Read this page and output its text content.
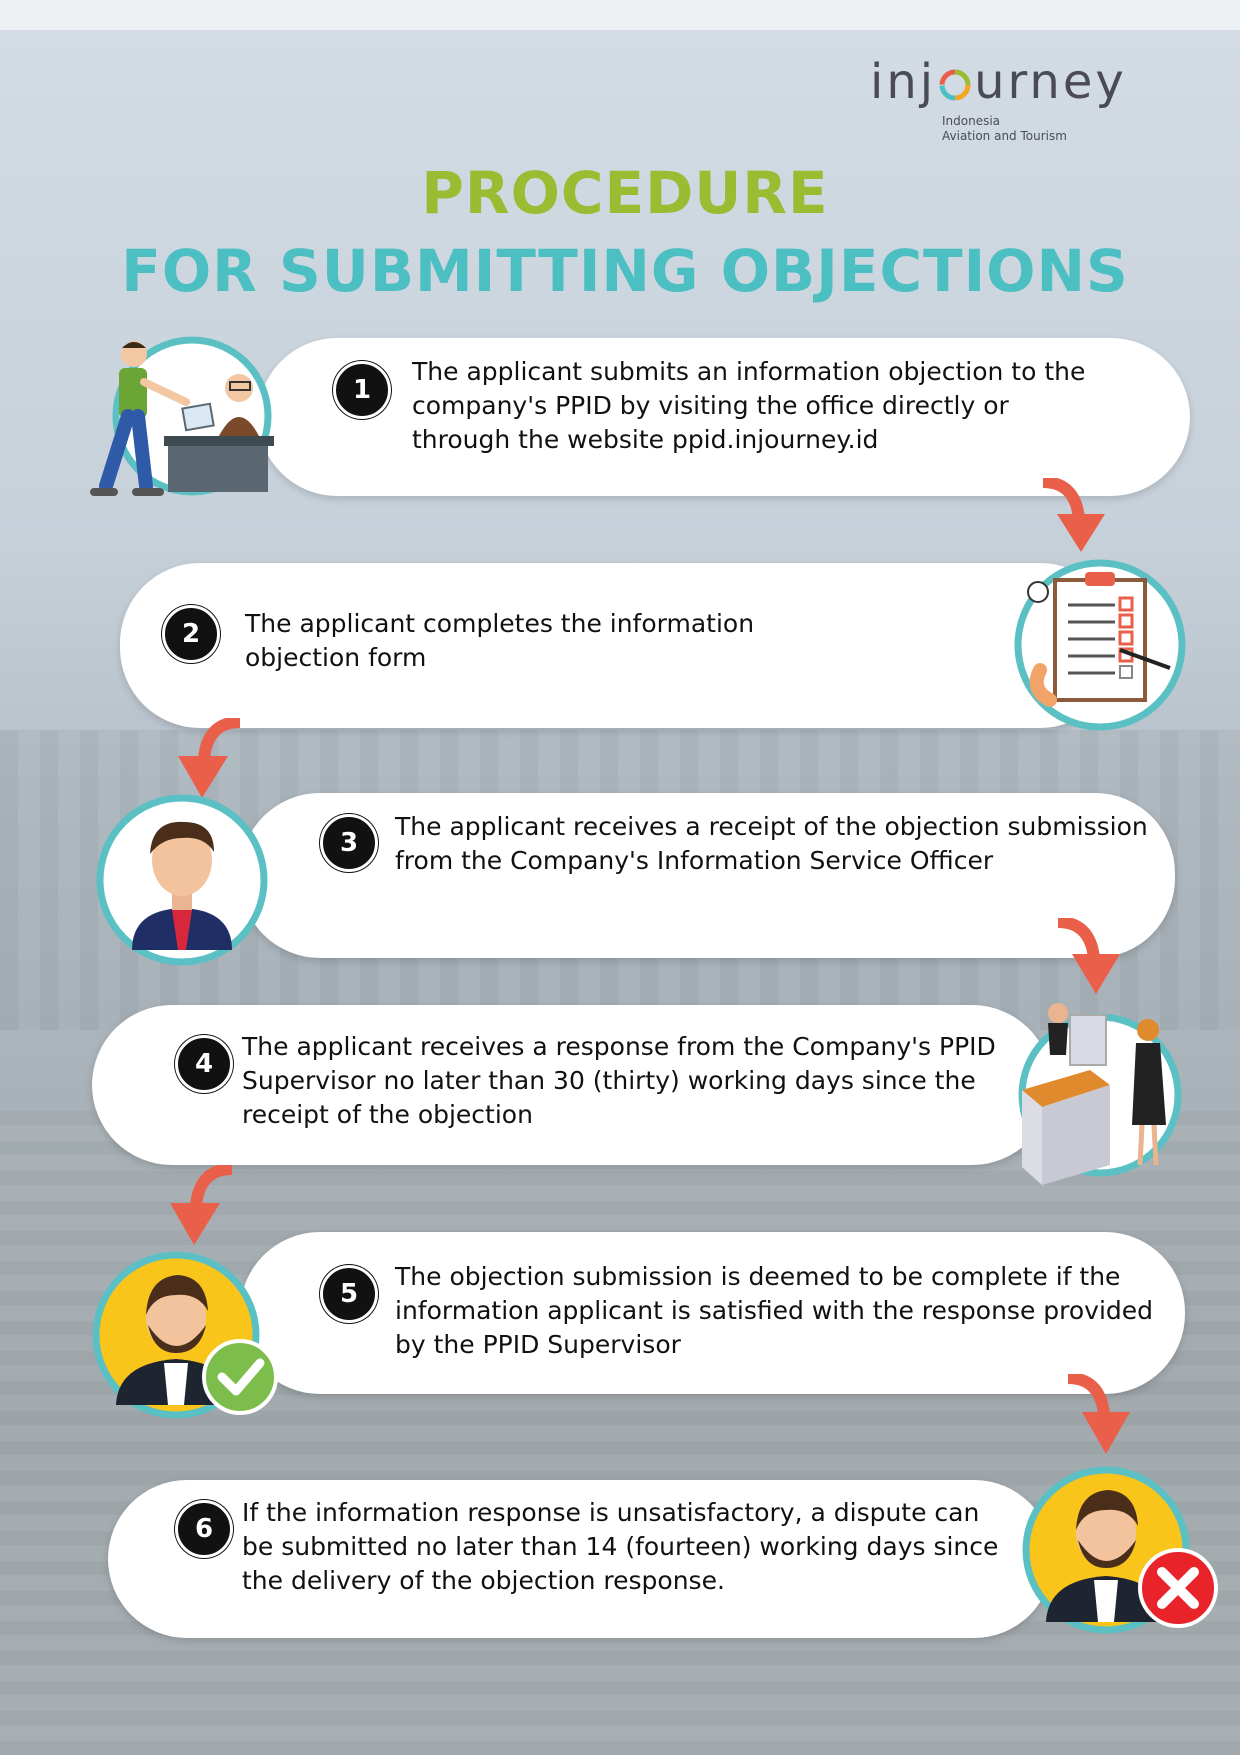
inj urney
Indonesia
Aviation and Tourism
PROCEDURE
FOR SUBMITTING OBJECTIONS
1
The applicant submits an information objection to the company's PPID by visiting the office directly or through the website ppid.injourney.id
2	The applicant completes the information objection form
3
The applicant receives a receipt of the objection submission from the Company's Information Service Officer
4
The applicant receives a response from the Company's PPID Supervisor no later than 30 (thirty) working days since the receipt of the objection
5
The objection submission is deemed to be complete if the information applicant is satisfied with the response provided by the PPID Supervisor
6
If the information response is unsatisfactory, a dispute can be submitted no later than 14 (fourteen) working days since the delivery of the objection response.
